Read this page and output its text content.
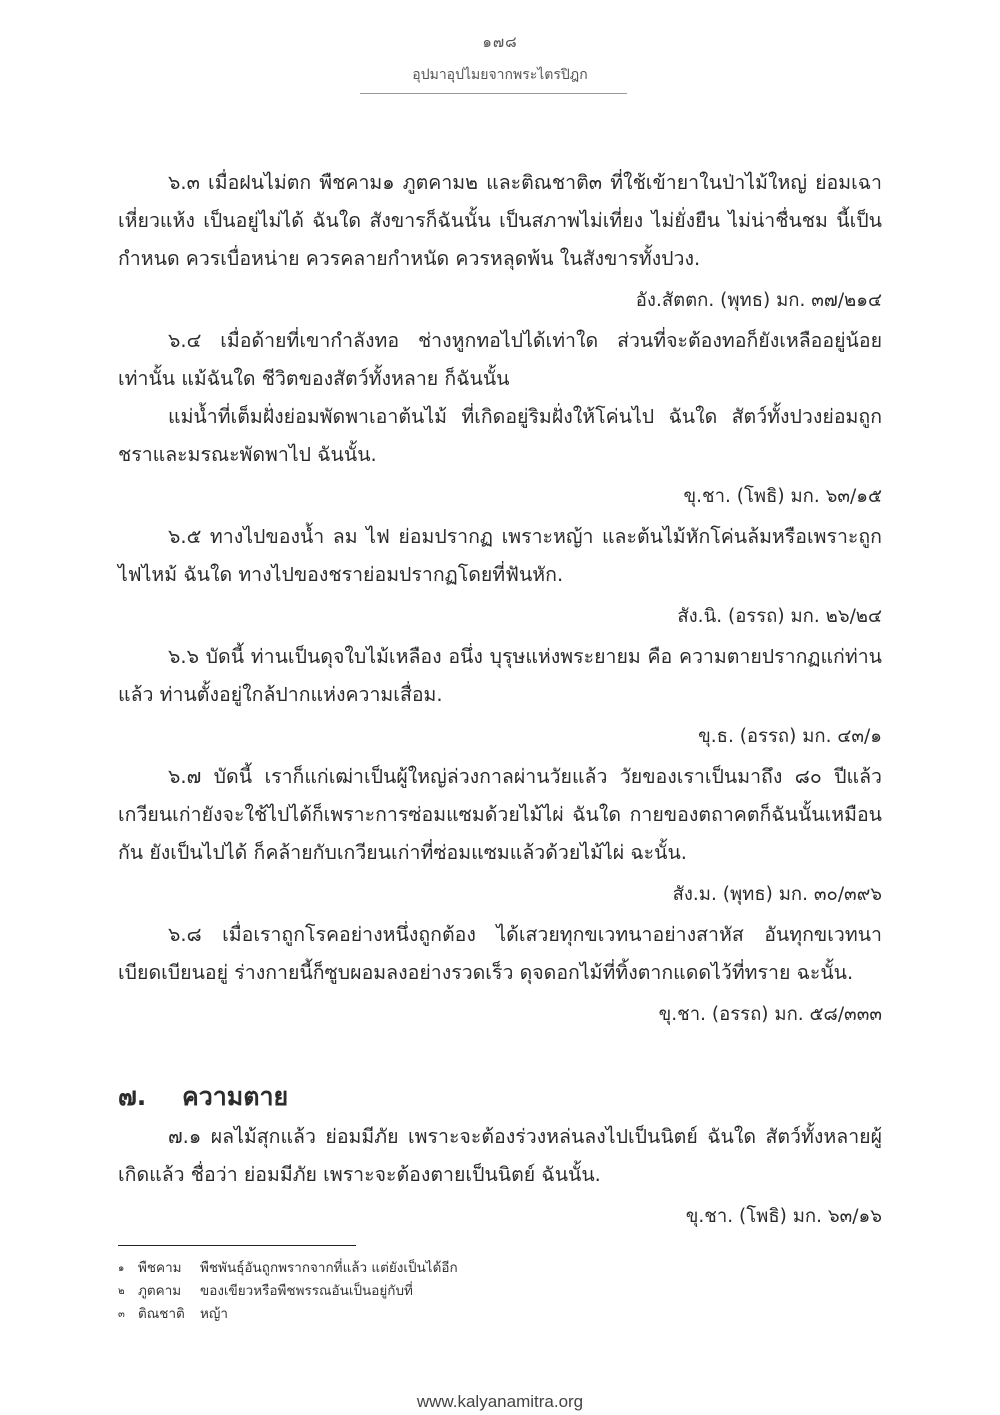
๑๗๘
อุปมาอุปไมยจากพระไตรปิฎก

๖.๓ เมื่อฝนไม่ตก พืชคาม๑ ภูตคาม๒ และติณชาติ๓ ที่ใช้เข้ายาในป่าไม้ใหญ่ ย่อมเฉาเหี่ยวแห้ง เป็นอยู่ไม่ได้ ฉันใด สังขารก็ฉันนั้น เป็นสภาพไม่เที่ยง ไม่ยั่งยืน ไม่น่าชื่นชม นี้เป็นกำหนด ควรเบื่อหน่าย ควรคลายกำหนัด ควรหลุดพ้น ในสังขารทั้งปวง.

อัง.สัตตก. (พุทธ) มก. ๓๗/๒๑๔

๖.๔ เมื่อด้ายที่เขากำลังทอ ช่างหูกทอไปได้เท่าใด ส่วนที่จะต้องทอก็ยังเหลืออยู่น้อยเท่านั้น แม้ฉันใด ชีวิตของสัตว์ทั้งหลาย ก็ฉันนั้น

แม่น้ำที่เต็มฝั่งย่อมพัดพาเอาต้นไม้ ที่เกิดอยู่ริมฝั่งให้โค่นไป ฉันใด สัตว์ทั้งปวงย่อมถูกชราและมรณะพัดพาไป ฉันนั้น.

ขุ.ชา. (โพธิ) มก. ๖๓/๑๕

๖.๕ ทางไปของน้ำ ลม ไฟ ย่อมปรากฏ เพราะหญ้า และต้นไม้หักโค่นล้มหรือเพราะถูกไฟไหม้ ฉันใด ทางไปของชราย่อมปรากฏโดยที่ฟันหัก.

สัง.นิ. (อรรถ) มก. ๒๖/๒๔

๖.๖ บัดนี้ ท่านเป็นดุจใบไม้เหลือง อนึ่ง บุรุษแห่งพระยายม คือ ความตายปรากฏแก่ท่านแล้ว ท่านตั้งอยู่ใกล้ปากแห่งความเสื่อม.

ขุ.ธ. (อรรถ) มก. ๔๓/๑

๖.๗ บัดนี้ เราก็แก่เฒ่าเป็นผู้ใหญ่ล่วงกาลผ่านวัยแล้ว วัยของเราเป็นมาถึง ๘๐ ปีแล้ว เกวียนเก่ายังจะใช้ไปได้ก็เพราะการซ่อมแซมด้วยไม้ไผ่ ฉันใด กายของตถาคตก็ฉันนั้นเหมือนกัน ยังเป็นไปได้ ก็คล้ายกับเกวียนเก่าที่ซ่อมแซมแล้วด้วยไม้ไผ่ ฉะนั้น.

สัง.ม. (พุทธ) มก. ๓๐/๓๙๖

๖.๘ เมื่อเราถูกโรคอย่างหนึ่งถูกต้อง ได้เสวยทุกขเวทนาอย่างสาหัส อันทุกขเวทนาเบียดเบียนอยู่ ร่างกายนี้ก็ซูบผอมลงอย่างรวดเร็ว ดุจดอกไม้ที่ทิ้งตากแดดไว้ที่ทราย ฉะนั้น.

ขุ.ชา. (อรรถ) มก. ๕๘/๓๓๓
๗. ความตาย

๗.๑ ผลไม้สุกแล้ว ย่อมมีภัย เพราะจะต้องร่วงหล่นลงไปเป็นนิตย์ ฉันใด สัตว์ทั้งหลายผู้เกิดแล้ว ชื่อว่า ย่อมมีภัย เพราะจะต้องตายเป็นนิตย์ ฉันนั้น.

ขุ.ชา. (โพธิ) มก. ๖๓/๑๖
๑ พืชคาม พืชพันธุ์อันถูกพรากจากที่แล้ว แต่ยังเป็นได้อีก
๒ ภูตคาม ของเขียวหรือพืชพรรณอันเป็นอยู่กับที่
๓ ติณชาติ หญ้า
www.kalyanamitra.org
